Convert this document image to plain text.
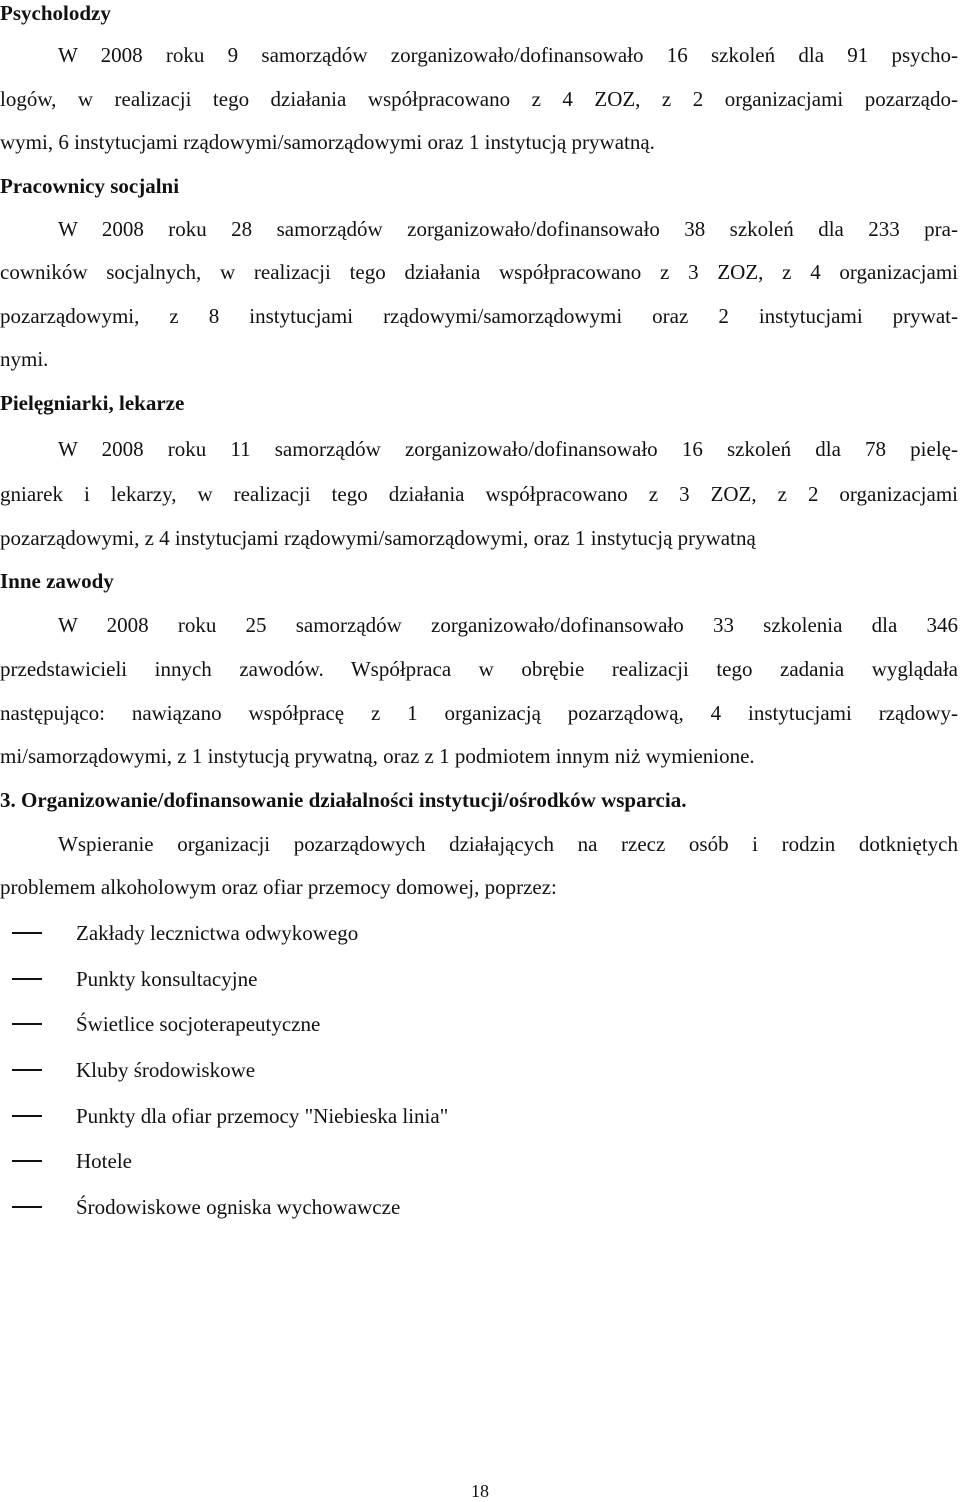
Psycholodzy
W 2008 roku 9 samorządów zorganizowało/dofinansowało 16 szkoleń dla 91 psycho-
logów, w realizacji tego działania współpracowano z 4 ZOZ, z 2 organizacjami pozarządo-
wymi, 6 instytucjami rządowymi/samorządowymi oraz 1 instytucją prywatną.
Pracownicy socjalni
W 2008 roku 28 samorządów zorganizowało/dofinansowało 38 szkoleń dla 233 pra-
cowników socjalnych, w realizacji tego działania współpracowano z 3 ZOZ, z 4 organizacjami
pozarządowymi, z 8 instytucjami rządowymi/samorządowymi oraz 2 instytucjami prywat-
nymi.
Pielęgniarki, lekarze
W 2008 roku 11 samorządów zorganizowało/dofinansowało 16 szkoleń dla 78 pielę-
gniarek i lekarzy, w realizacji tego działania współpracowano z 3 ZOZ, z 2 organizacjami
pozarządowymi, z 4 instytucjami rządowymi/samorządowymi, oraz 1 instytucją prywatną
Inne zawody
W 2008 roku 25 samorządów zorganizowało/dofinansowało 33 szkolenia dla 346
przedstawicieli innych zawodów. Współpraca w obrębie realizacji tego zadania wyglądała
następująco: nawiązano współpracę z 1 organizacją pozarządową, 4 instytucjami rządowy-
mi/samorządowymi, z 1 instytucją prywatną, oraz z 1 podmiotem innym niż wymienione.
3. Organizowanie/dofinansowanie działalności instytucji/ośrodków wsparcia.
Wspieranie organizacji pozarządowych działających na rzecz osób i rodzin dotkniętych
problemem alkoholowym oraz ofiar przemocy domowej, poprzez:
Zakłady lecznictwa odwykowego
Punkty konsultacyjne
Świetlice socjoterapeutyczne
Kluby środowiskowe
Punkty dla ofiar przemocy "Niebieska linia"
Hotele
Środowiskowe ogniska wychowawcze
18
